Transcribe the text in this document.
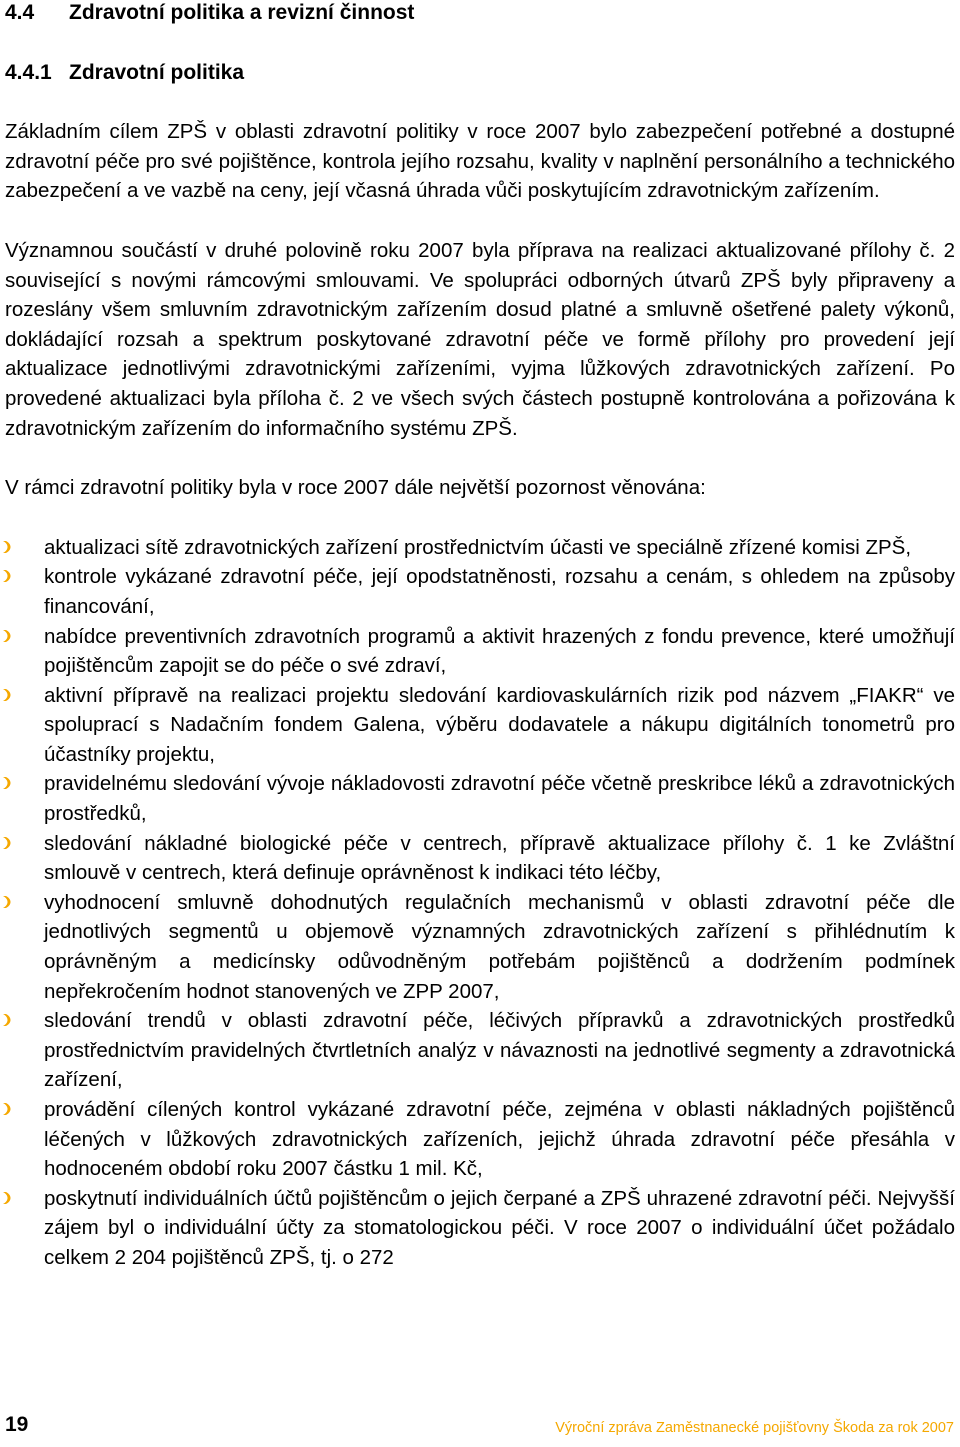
4.4 Zdravotní politika a revizní činnost
4.4.1 Zdravotní politika

Základním cílem ZPŠ v oblasti zdravotní politiky v roce 2007 bylo zabezpečení potřebné a dostupné zdravotní péče pro své pojištěnce, kontrola jejího rozsahu, kvality v naplnění personálního a technického zabezpečení a ve vazbě na ceny, její včasná úhrada vůči poskytujícím zdravotnickým zařízením.

Významnou součástí v druhé polovině roku 2007 byla příprava na realizaci aktualizované přílohy č. 2 související s novými rámcovými smlouvami. Ve spolupráci odborných útvarů ZPŠ byly připraveny a rozeslány všem smluvním zdravotnickým zařízením dosud platné a smluvně ošetřené palety výkonů, dokládající rozsah a spektrum poskytované zdravotní péče ve formě přílohy pro provedení její aktualizace jednotlivými zdravotnickými zařízeními, vyjma lůžkových zdravotnických zařízení. Po provedené aktualizaci byla příloha č. 2 ve všech svých částech postupně kontrolována a pořizována k zdravotnickým zařízením do informačního systému ZPŠ.

V rámci zdravotní politiky byla v roce 2007 dále největší pozornost věnována:

aktualizaci sítě zdravotnických zařízení prostřednictvím účasti ve speciálně zřízené komisi ZPŠ,
kontrole vykázané zdravotní péče, její opodstatněnosti, rozsahu a cenám, s ohledem na způsoby financování,
nabídce preventivních zdravotních programů a aktivit hrazených z fondu prevence, které umožňují pojištěncům zapojit se do péče o své zdraví,
aktivní přípravě na realizaci projektu sledování kardiovaskulárních rizik pod názvem „FIAKR“ ve spoluprací s Nadačním fondem Galena, výběru dodavatele a nákupu digitálních tonometrů pro účastníky projektu,
pravidelnému sledování vývoje nákladovosti zdravotní péče včetně preskribce léků a zdravotnických prostředků,
sledování nákladné biologické péče v centrech, přípravě aktualizace přílohy č. 1 ke Zvláštní smlouvě v centrech, která definuje oprávněnost k indikaci této léčby,
vyhodnocení smluvně dohodnutých regulačních mechanismů v oblasti zdravotní péče dle jednotlivých segmentů u objemově významných zdravotnických zařízení s přihlédnutím k oprávněným a medicínsky odůvodněným potřebám pojištěnců a dodržením podmínek nepřekročením hodnot stanovených ve ZPP 2007,
sledování trendů v oblasti zdravotní péče, léčivých přípravků a zdravotnických prostředků prostřednictvím pravidelných čtvrtletních analýz v návaznosti na jednotlivé segmenty a zdravotnická zařízení,
provádění cílených kontrol vykázané zdravotní péče, zejména v oblasti nákladných pojištěnců léčených v lůžkových zdravotnických zařízeních, jejichž úhrada zdravotní péče přesáhla v hodnoceném období roku 2007 částku 1 mil. Kč,
poskytnutí individuálních účtů pojištěncům o jejich čerpané a ZPŠ uhrazené zdravotní péči. Nejvyšší zájem byl o individuální účty za stomatologickou péči. V roce 2007 o individuální účet požádalo celkem 2 204 pojištěnců ZPŠ, tj. o 272
19	Výroční zpráva Zaměstnanecké pojišťovny Škoda za rok 2007
